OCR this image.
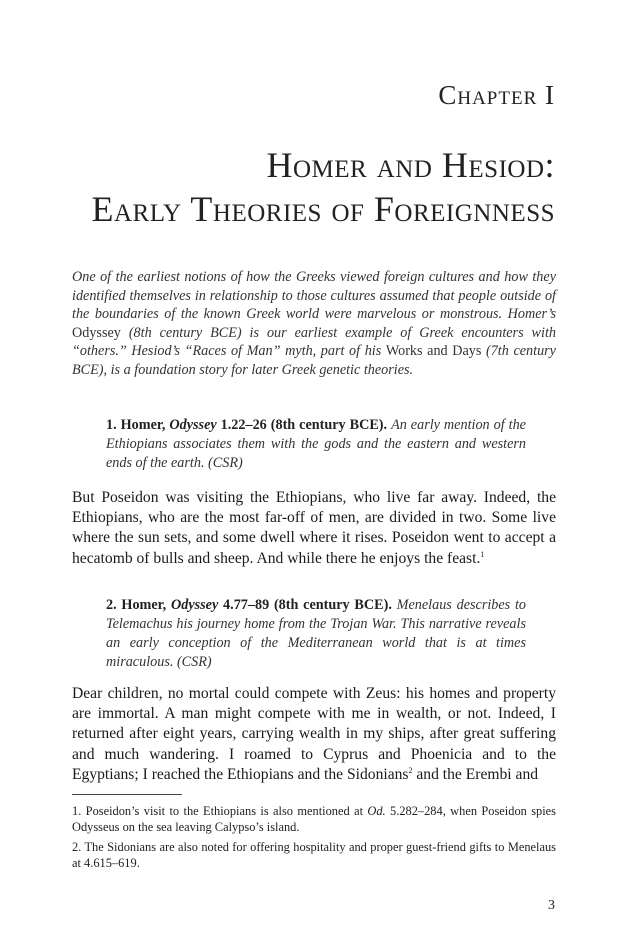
Chapter I
Homer and Hesiod:
Early Theories of Foreignness
One of the earliest notions of how the Greeks viewed foreign cultures and how they identified themselves in relationship to those cultures assumed that people outside of the boundaries of the known Greek world were marvelous or monstrous. Homer’s Odyssey (8th century BCE) is our earliest example of Greek encounters with “others.” Hesiod’s “Races of Man” myth, part of his Works and Days (7th century BCE), is a foundation story for later Greek genetic theories.
1. Homer, Odyssey 1.22–26 (8th century BCE). An early mention of the Ethiopians associates them with the gods and the eastern and western ends of the earth. (CSR)
But Poseidon was visiting the Ethiopians, who live far away. Indeed, the Ethiopians, who are the most far-off of men, are divided in two. Some live where the sun sets, and some dwell where it rises. Poseidon went to accept a hecatomb of bulls and sheep. And while there he enjoys the feast.$^1$
2. Homer, Odyssey 4.77–89 (8th century BCE). Menelaus describes to Telemachus his journey home from the Trojan War. This narrative reveals an early conception of the Mediterranean world that is at times miraculous. (CSR)
Dear children, no mortal could compete with Zeus: his homes and property are immortal. A man might compete with me in wealth, or not. Indeed, I returned after eight years, carrying wealth in my ships, after great suffering and much wandering. I roamed to Cyprus and Phoenicia and to the Egyptians; I reached the Ethiopians and the Sidonians$^2$ and the Erembi and

1. Poseidon’s visit to the Ethiopians is also mentioned at Od. 5.282–284, when Poseidon spies Odysseus on the sea leaving Calypso’s island.

2. The Sidonians are also noted for offering hospitality and proper guest-friend gifts to Menelaus at 4.615–619.

3
